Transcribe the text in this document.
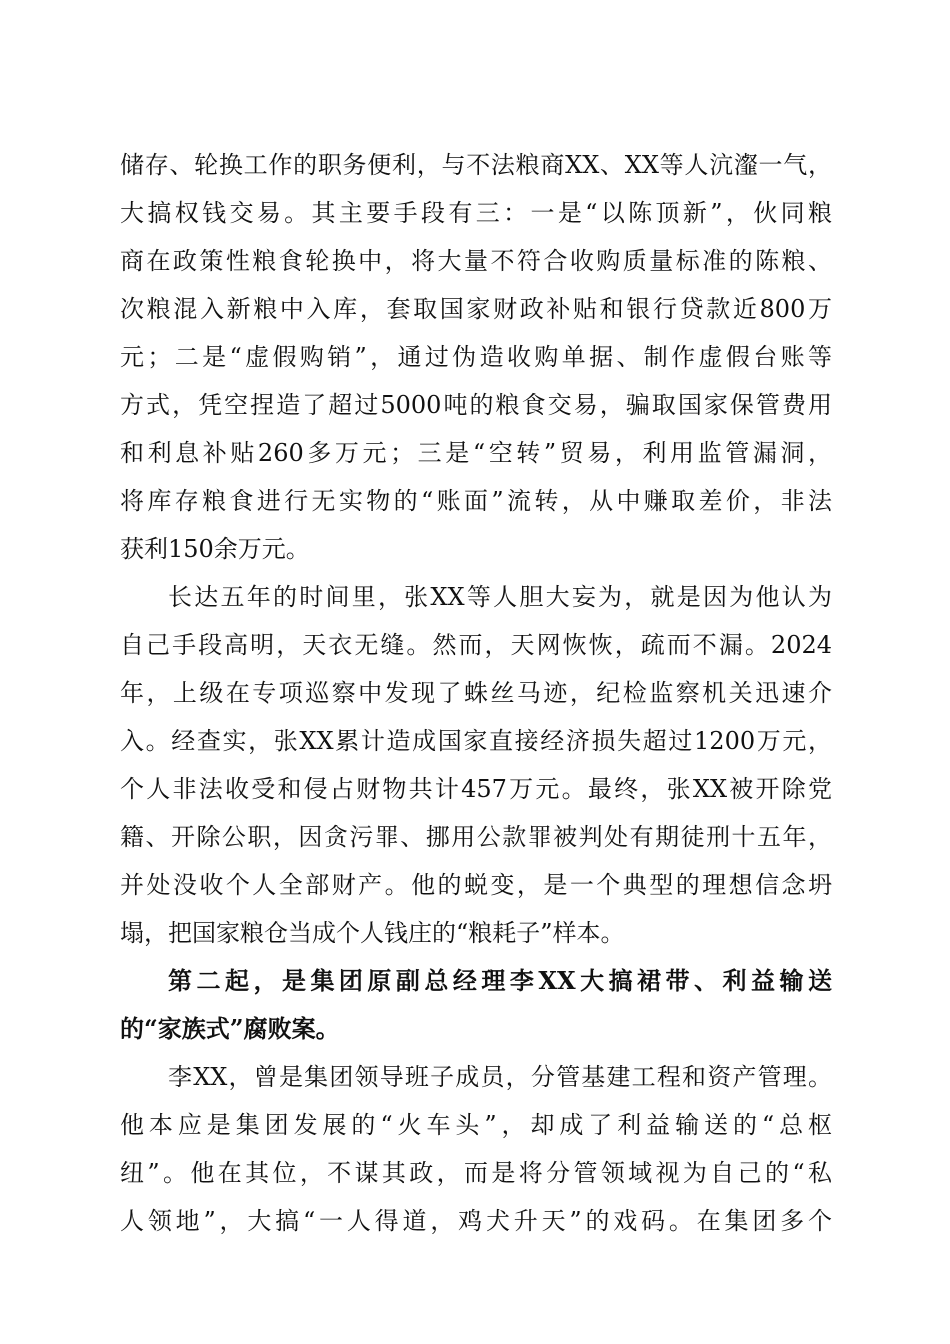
储存、轮换工作的职务便利，与不法粮商XX、XX等人沆瀣一气，
大搞权钱交易。其主要手段有三：一是“以陈顶新”，伙同粮
商在政策性粮食轮换中，将大量不符合收购质量标准的陈粮、
次粮混入新粮中入库，套取国家财政补贴和银行贷款近800万
元；二是“虚假购销”，通过伪造收购单据、制作虚假台账等
方式，凭空捏造了超过5000吨的粮食交易，骗取国家保管费用
和利息补贴260多万元；三是“空转”贸易，利用监管漏洞，
将库存粮食进行无实物的“账面”流转，从中赚取差价，非法
获利150余万元。
长达五年的时间里，张XX等人胆大妄为，就是因为他认为
自己手段高明，天衣无缝。然而，天网恢恢，疏而不漏。2024
年，上级在专项巡察中发现了蛛丝马迹，纪检监察机关迅速介
入。经查实，张XX累计造成国家直接经济损失超过1200万元，
个人非法收受和侵占财物共计457万元。最终，张XX被开除党
籍、开除公职，因贪污罪、挪用公款罪被判处有期徒刑十五年，
并处没收个人全部财产。他的蜕变，是一个典型的理想信念坍
塌，把国家粮仓当成个人钱庄的“粮耗子”样本。
第二起，是集团原副总经理李XX大搞裙带、利益输送
的“家族式”腐败案。
李XX，曾是集团领导班子成员，分管基建工程和资产管理。
他本应是集团发展的“火车头”，却成了利益输送的“总枢
纽”。他在其位，不谋其政，而是将分管领域视为自己的“私
人领地”，大搞“一人得道，鸡犬升天”的戏码。在集团多个
